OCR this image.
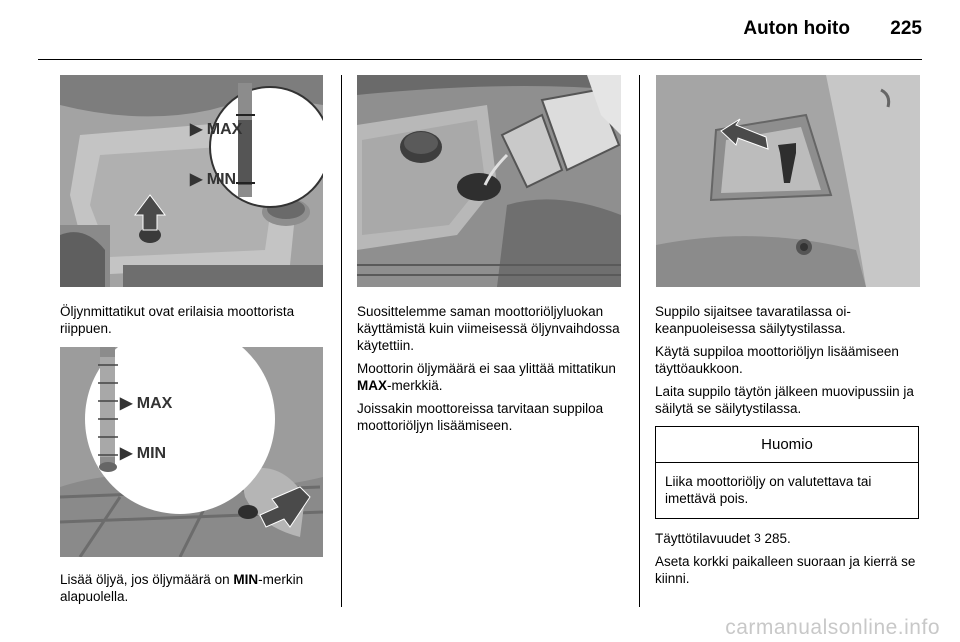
Auton hoito	225
▶ MAX
▶ MIN

Öljynmittatikut ovat erilaisia moottorista riippuen.

▶ MAX
▶ MIN

Lisää öljyä, jos öljymäärä on MIN-merkin alapuolella.

Suosittelemme saman moottoriöljyluokan käyttämistä kuin viimeisessä öljynvaihdossa käytettiin.

Moottorin öljymäärä ei saa ylittää mittatikun MAX-merkkiä.

Joissakin moottoreissa tarvitaan suppiloa moottoriöljyn lisäämiseen.

Suppilo sijaitsee tavaratilassa oikeanpuoleisessa säilytystilassa.

Käytä suppiloa moottoriöljyn lisäämiseen täyttöaukkoon.

Laita suppilo täytön jälkeen muovipussiin ja säilytä se säilytystilassa.

Huomio
Liika moottoriöljy on valutettava tai imettävä pois.

Täyttötilavuudet 3 285.

Aseta korkki paikalleen suoraan ja kierrä se kiinni.

carmanualsonline.info
